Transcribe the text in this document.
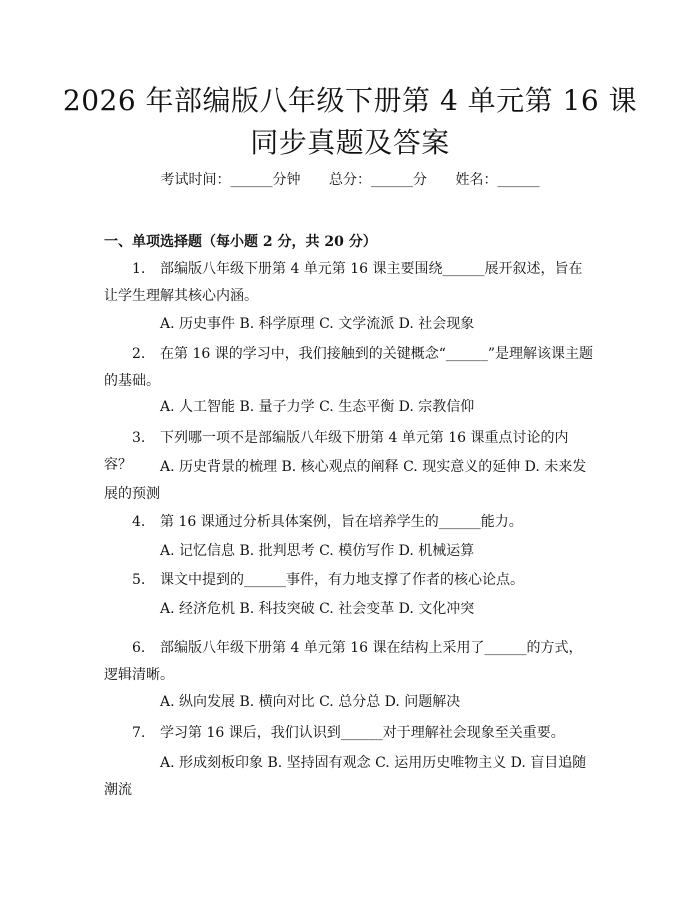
2026 年部编版八年级下册第 4 单元第 16 课
同步真题及答案
考试时间：______分钟 总分：______分 姓名：______
一、单项选择题（每小题 2 分，共 20 分）
1. 部编版八年级下册第 4 单元第 16 课主要围绕______展开叙述，旨在让学生理解其核心内涵。
A. 历史事件 B. 科学原理 C. 文学流派 D. 社会现象
2. 在第 16 课的学习中，我们接触到的关键概念“______”是理解该课主题的基础。
A. 人工智能 B. 量子力学 C. 生态平衡 D. 宗教信仰
3. 下列哪一项不是部编版八年级下册第 4 单元第 16 课重点讨论的内容？	A. 历史背景的梳理 B. 核心观点的阐释 C. 现实意义的延伸 D. 未来发展的预测
4. 第 16 课通过分析具体案例，旨在培养学生的______能力。
A. 记忆信息 B. 批判思考 C. 模仿写作 D. 机械运算
5. 课文中提到的______事件，有力地支撑了作者的核心论点。
A. 经济危机 B. 科技突破 C. 社会变革 D. 文化冲突
6. 部编版八年级下册第 4 单元第 16 课在结构上采用了______的方式，逻辑清晰。
A. 纵向发展 B. 横向对比 C. 总分总 D. 问题解决
7. 学习第 16 课后，我们认识到______对于理解社会现象至关重要。
A. 形成刻板印象 B. 坚持固有观念 C. 运用历史唯物主义 D. 盲目追随潮流
